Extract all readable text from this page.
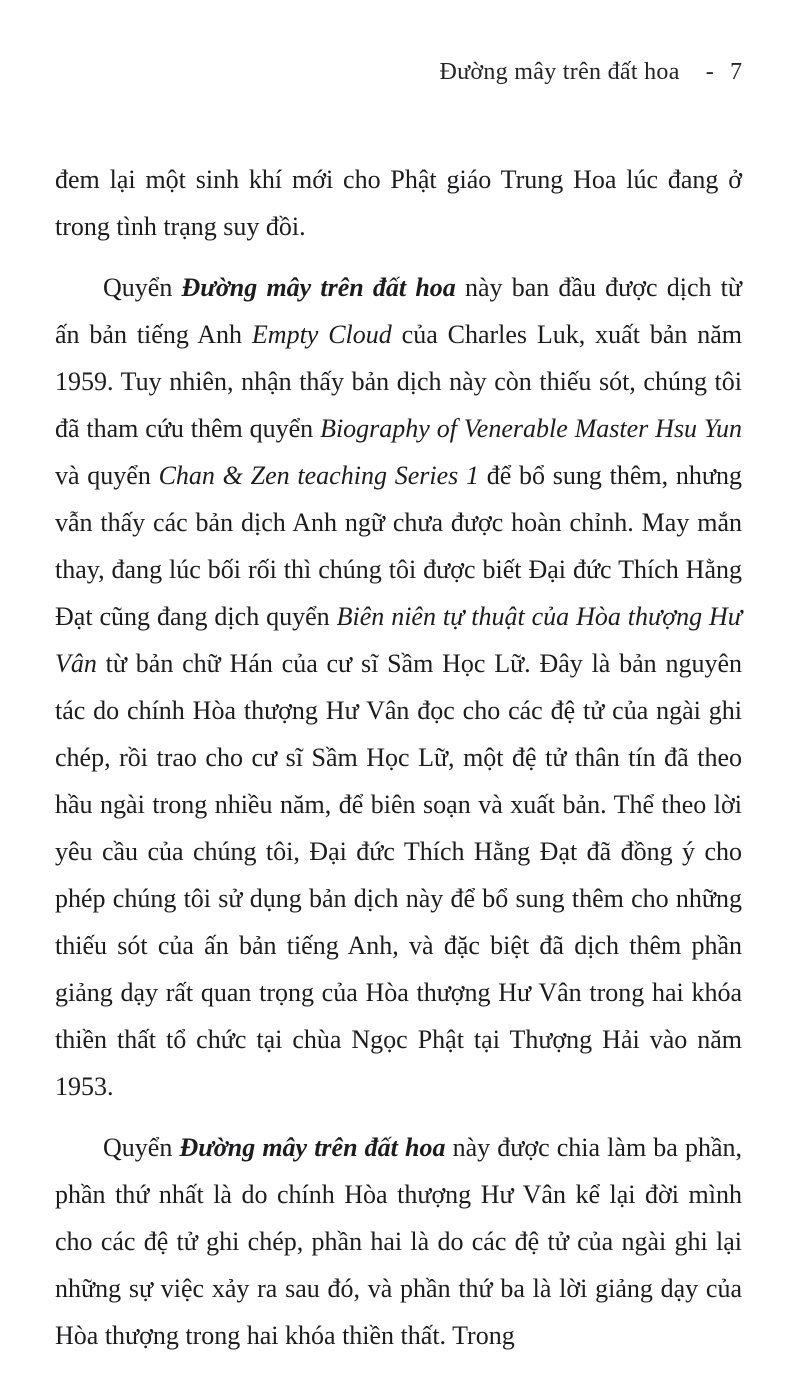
Đường mây trên đất hoa - 7

đem lại một sinh khí mới cho Phật giáo Trung Hoa lúc đang ở trong tình trạng suy đồi.

Quyển Đường mây trên đất hoa này ban đầu được dịch từ ấn bản tiếng Anh Empty Cloud của Charles Luk, xuất bản năm 1959. Tuy nhiên, nhận thấy bản dịch này còn thiếu sót, chúng tôi đã tham cứu thêm quyển Biography of Venerable Master Hsu Yun và quyển Chan & Zen teaching Series 1 để bổ sung thêm, nhưng vẫn thấy các bản dịch Anh ngữ chưa được hoàn chỉnh. May mắn thay, đang lúc bối rối thì chúng tôi được biết Đại đức Thích Hằng Đạt cũng đang dịch quyển Biên niên tự thuật của Hòa thượng Hư Vân từ bản chữ Hán của cư sĩ Sầm Học Lữ. Đây là bản nguyên tác do chính Hòa thượng Hư Vân đọc cho các đệ tử của ngài ghi chép, rồi trao cho cư sĩ Sầm Học Lữ, một đệ tử thân tín đã theo hầu ngài trong nhiều năm, để biên soạn và xuất bản. Thể theo lời yêu cầu của chúng tôi, Đại đức Thích Hằng Đạt đã đồng ý cho phép chúng tôi sử dụng bản dịch này để bổ sung thêm cho những thiếu sót của ấn bản tiếng Anh, và đặc biệt đã dịch thêm phần giảng dạy rất quan trọng của Hòa thượng Hư Vân trong hai khóa thiền thất tổ chức tại chùa Ngọc Phật tại Thượng Hải vào năm 1953.

Quyển Đường mây trên đất hoa này được chia làm ba phần, phần thứ nhất là do chính Hòa thượng Hư Vân kể lại đời mình cho các đệ tử ghi chép, phần hai là do các đệ tử của ngài ghi lại những sự việc xảy ra sau đó, và phần thứ ba là lời giảng dạy của Hòa thượng trong hai khóa thiền thất. Trong
